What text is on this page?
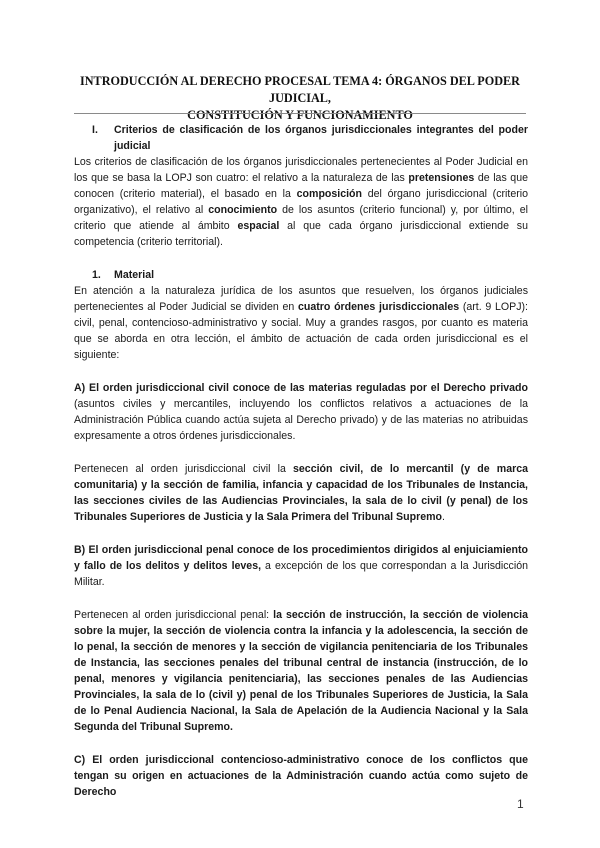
INTRODUCCIÓN AL DERECHO PROCESAL TEMA 4: ÓRGANOS DEL PODER JUDICIAL,
CONSTITUCIÓN Y FUNCIONAMIENTO
I.	Criterios de clasificación de los órganos jurisdiccionales integrantes del poder judicial

Los criterios de clasificación de los órganos jurisdiccionales pertenecientes al Poder Judicial en los que se basa la LOPJ son cuatro: el relativo a la naturaleza de las pretensiones de las que conocen (criterio material), el basado en la composición del órgano jurisdiccional (criterio organizativo), el relativo al conocimiento de los asuntos (criterio funcional) y, por último, el criterio que atiende al ámbito espacial al que cada órgano jurisdiccional extiende su competencia (criterio territorial).

1.	Material

En atención a la naturaleza jurídica de los asuntos que resuelven, los órganos judiciales pertenecientes al Poder Judicial se dividen en cuatro órdenes jurisdiccionales (art. 9 LOPJ): civil, penal, contencioso-administrativo y social. Muy a grandes rasgos, por cuanto es materia que se aborda en otra lección, el ámbito de actuación de cada orden jurisdiccional es el siguiente:

A) El orden jurisdiccional civil conoce de las materias reguladas por el Derecho privado (asuntos civiles y mercantiles, incluyendo los conflictos relativos a actuaciones de la Administración Pública cuando actúa sujeta al Derecho privado) y de las materias no atribuidas expresamente a otros órdenes jurisdiccionales.

Pertenecen al orden jurisdiccional civil la sección civil, de lo mercantil (y de marca comunitaria) y la sección de familia, infancia y capacidad de los Tribunales de Instancia, las secciones civiles de las Audiencias Provinciales, la sala de lo civil (y penal) de los Tribunales Superiores de Justicia y la Sala Primera del Tribunal Supremo.

B) El orden jurisdiccional penal conoce de los procedimientos dirigidos al enjuiciamiento y fallo de los delitos y delitos leves, a excepción de los que correspondan a la Jurisdicción Militar.

Pertenecen al orden jurisdiccional penal: la sección de instrucción, la sección de violencia sobre la mujer, la sección de violencia contra la infancia y la adolescencia, la sección de lo penal, la sección de menores y la sección de vigilancia penitenciaria de los Tribunales de Instancia, las secciones penales del tribunal central de instancia (instrucción, de lo penal, menores y vigilancia penitenciaria), las secciones penales de las Audiencias Provinciales, la sala de lo (civil y) penal de los Tribunales Superiores de Justicia, la Sala de lo Penal Audiencia Nacional, la Sala de Apelación de la Audiencia Nacional y la Sala Segunda del Tribunal Supremo.

C) El orden jurisdiccional contencioso-administrativo conoce de los conflictos que tengan su origen en actuaciones de la Administración cuando actúa como sujeto de Derecho

1
